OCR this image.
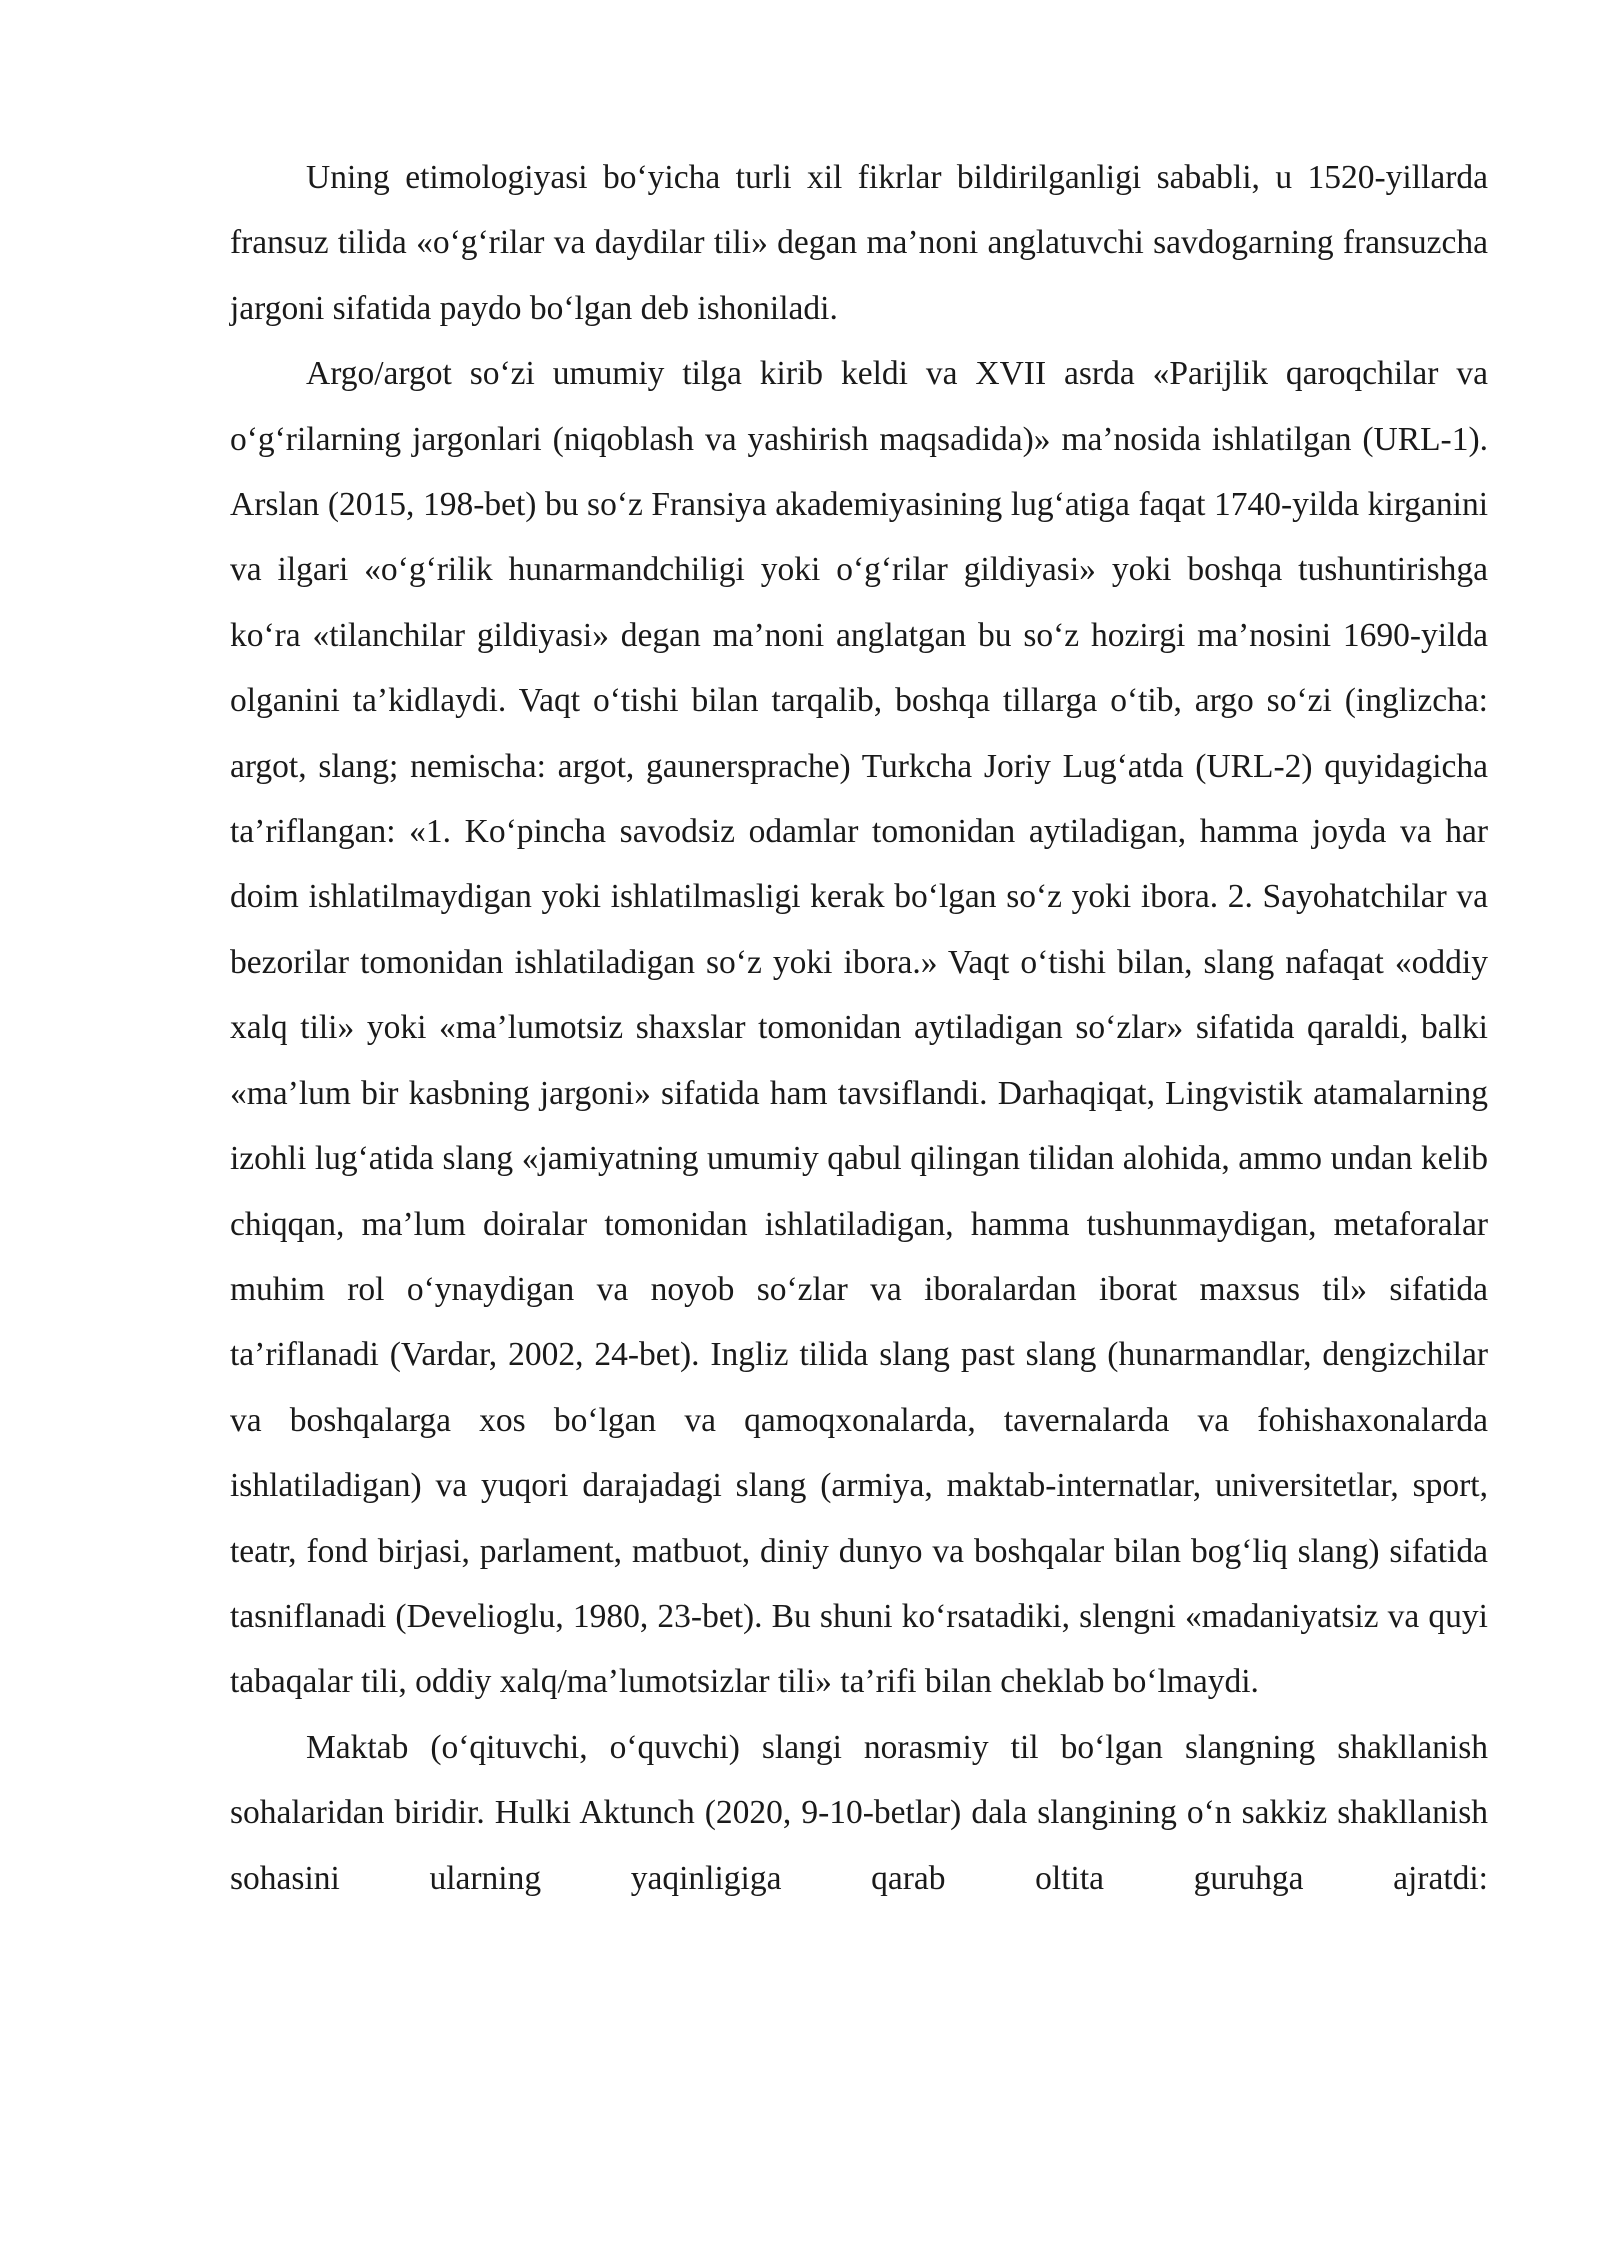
Uning etimologiyasi bo‘yicha turli xil fikrlar bildirilganligi sababli, u 1520-yillarda fransuz tilida «o‘g‘rilar va daydilar tili» degan ma’noni anglatuvchi savdogarning fransuzcha jargoni sifatida paydo bo‘lgan deb ishoniladi.

Argo/argot so‘zi umumiy tilga kirib keldi va XVII asrda «Parijlik qaroqchilar va o‘g‘rilarning jargonlari (niqoblash va yashirish maqsadida)» ma’nosida ishlatilgan (URL-1). Arslan (2015, 198-bet) bu so‘z Fransiya akademiyasining lug‘atiga faqat 1740-yilda kirganini va ilgari «o‘g‘rilik hunarmandchiligi yoki o‘g‘rilar gildiyasi» yoki boshqa tushuntirishga ko‘ra «tilanchilar gildiyasi» degan ma’noni anglatgan bu so‘z hozirgi ma’nosini 1690-yilda olganini ta’kidlaydi. Vaqt o‘tishi bilan tarqalib, boshqa tillarga o‘tib, argo so‘zi (inglizcha: argot, slang; nemischa: argot, gaunersprache) Turkcha Joriy Lug‘atda (URL-2) quyidagicha ta’riflangan: «1. Ko‘pincha savodsiz odamlar tomonidan aytiladigan, hamma joyda va har doim ishlatilmaydigan yoki ishlatilmasligi kerak bo‘lgan so‘z yoki ibora. 2. Sayohatchilar va bezorilar tomonidan ishlatiladigan so‘z yoki ibora.» Vaqt o‘tishi bilan, slang nafaqat «oddiy xalq tili» yoki «ma’lumotsiz shaxslar tomonidan aytiladigan so‘zlar» sifatida qaraldi, balki «ma’lum bir kasbning jargoni» sifatida ham tavsiflandi. Darhaqiqat, Lingvistik atamalarning izohli lug‘atida slang «jamiyatning umumiy qabul qilingan tilidan alohida, ammo undan kelib chiqqan, ma’lum doiralar tomonidan ishlatiladigan, hamma tushunmaydigan, metaforalar muhim rol o‘ynaydigan va noyob so‘zlar va iboralardan iborat maxsus til» sifatida ta’riflanadi (Vardar, 2002, 24-bet). Ingliz tilida slang past slang (hunarmandlar, dengizchilar va boshqalarga xos bo‘lgan va qamoqxonalarda, tavernalarda va fohishaxonalarda ishlatiladigan) va yuqori darajadagi slang (armiya, maktab-internatlar, universitetlar, sport, teatr, fond birjasi, parlament, matbuot, diniy dunyo va boshqalar bilan bog‘liq slang) sifatida tasniflanadi (Develioglu, 1980, 23-bet). Bu shuni ko‘rsatadiki, slengni «madaniyatsiz va quyi tabaqalar tili, oddiy xalq/ma’lumotsizlar tili» ta’rifi bilan cheklab bo‘lmaydi.

Maktab (o‘qituvchi, o‘quvchi) slangi norasmiy til bo‘lgan slangning shakllanish sohalaridan biridir. Hulki Aktunch (2020, 9-10-betlar) dala slangining o‘n sakkiz shakllanish sohasini ularning yaqinligiga qarab oltita guruhga ajratdi:
